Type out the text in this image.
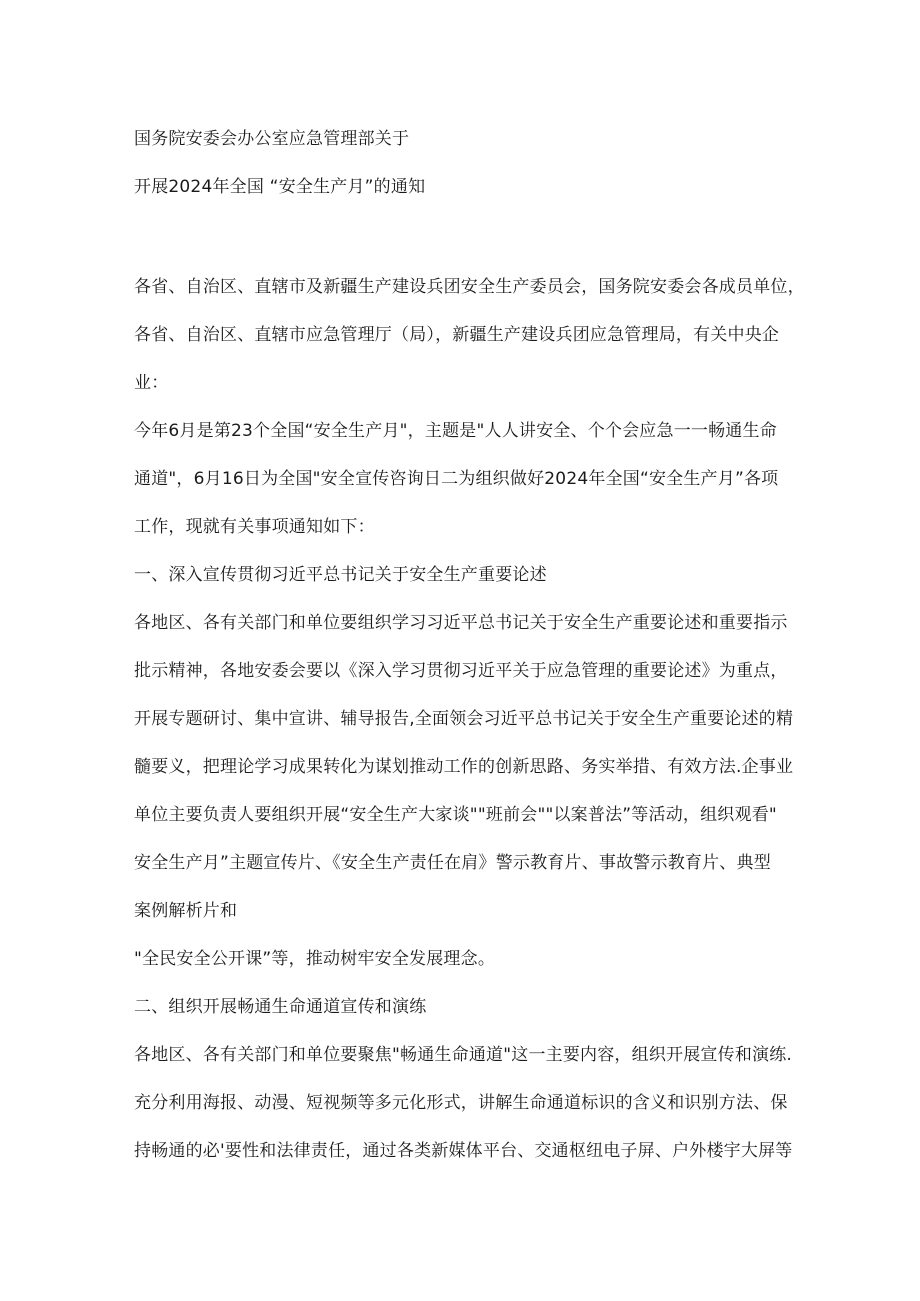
国务院安委会办公室应急管理部关于
开展2024年全国 “安全生产月”的通知
各省、自治区、直辖市及新疆生产建设兵团安全生产委员会，国务院安委会各成员单位，
各省、自治区、直辖市应急管理厅（局），新疆生产建设兵团应急管理局，有关中央企
业：
今年6月是第23个全国“安全生产月"，主题是"人人讲安全、个个会应急一一畅通生命
通道"，6月16日为全国"安全宣传咨询日二为组织做好2024年全国“安全生产月”各项
工作，现就有关事项通知如下：
一、深入宣传贯彻习近平总书记关于安全生产重要论述
各地区、各有关部门和单位要组织学习习近平总书记关于安全生产重要论述和重要指示
批示精神，各地安委会要以《深入学习贯彻习近平关于应急管理的重要论述》为重点，
开展专题研讨、集中宣讲、辅导报告,全面领会习近平总书记关于安全生产重要论述的精
髓要义，把理论学习成果转化为谋划推动工作的创新思路、务实举措、有效方法.企事业
单位主要负责人要组织开展“安全生产大家谈""班前会""以案普法”等活动，组织观看"
安全生产月”主题宣传片、《安全生产责任在肩》警示教育片、事故警示教育片、典型
案例解析片和
"全民安全公开课”等，推动树牢安全发展理念。
二、组织开展畅通生命通道宣传和演练
各地区、各有关部门和单位要聚焦"畅通生命通道"这一主要内容，组织开展宣传和演练.
充分利用海报、动漫、短视频等多元化形式，讲解生命通道标识的含义和识别方法、保
持畅通的必'要性和法律责任，通过各类新媒体平台、交通枢纽电子屏、户外楼宇大屏等
